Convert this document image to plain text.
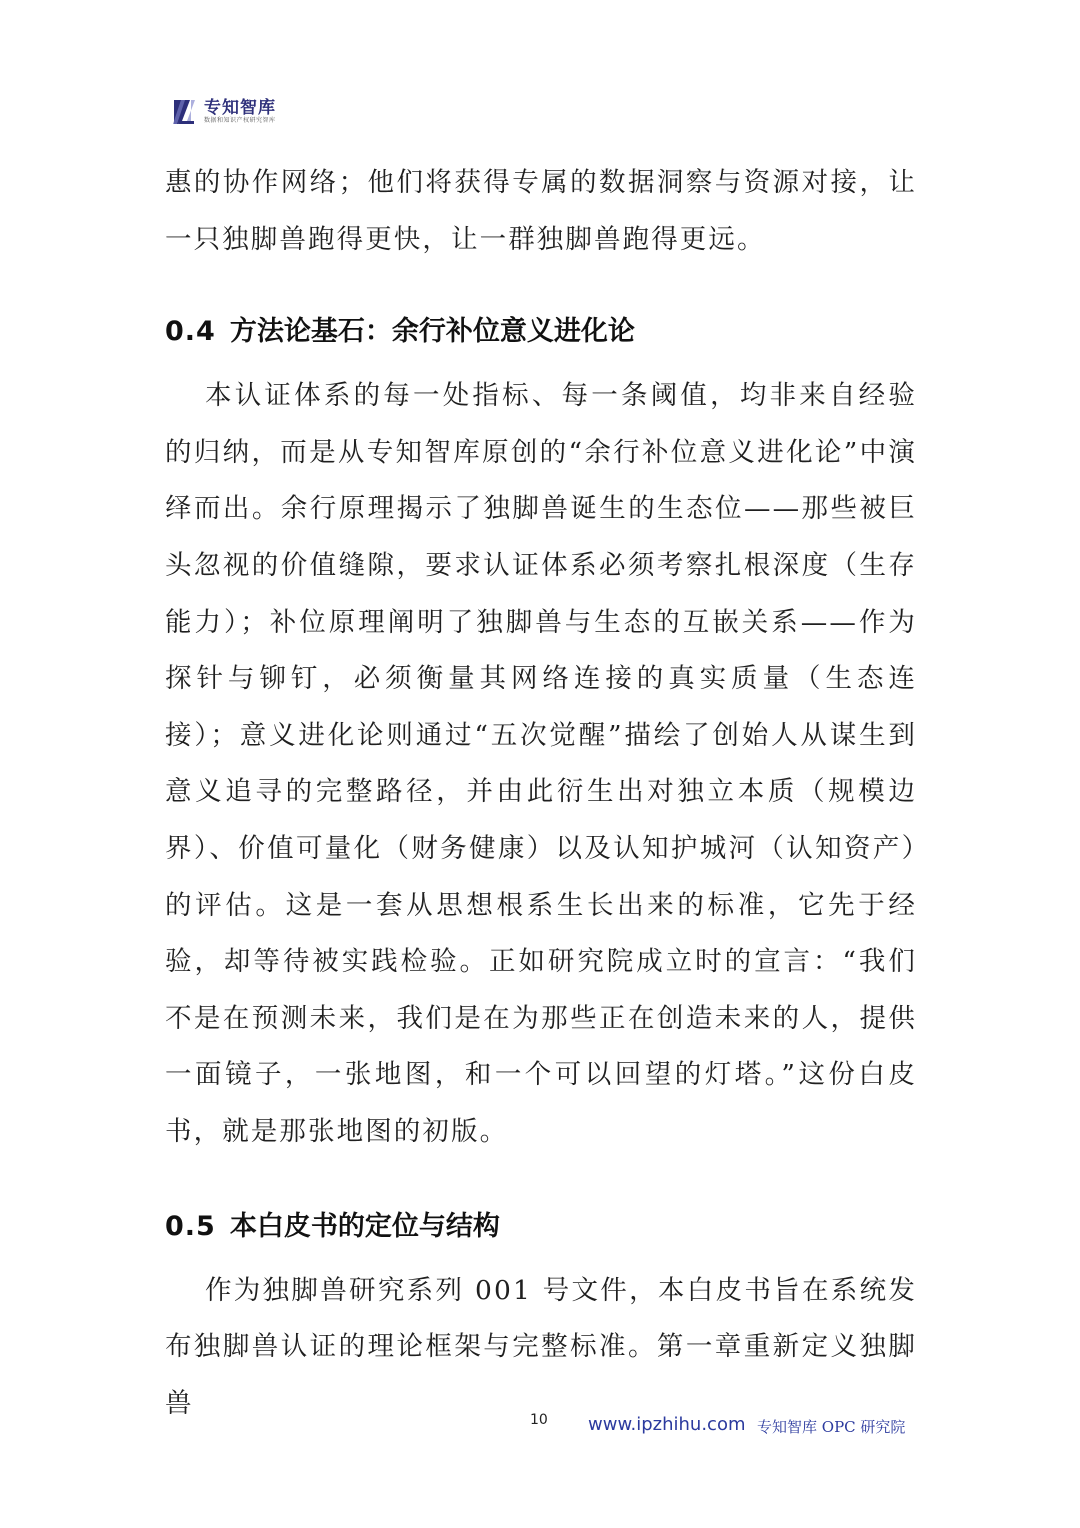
专知智库
数据和知识产权研究智库

惠的协作网络；他们将获得专属的数据洞察与资源对接，让一只独脚兽跑得更快，让一群独脚兽跑得更远。

0.4 方法论基石：余行补位意义进化论

本认证体系的每一处指标、每一条阈值，均非来自经验的归纳，而是从专知智库原创的“余行补位意义进化论”中演绎而出。余行原理揭示了独脚兽诞生的生态位——那些被巨头忽视的价值缝隙，要求认证体系必须考察扎根深度（生存能力）；补位原理阐明了独脚兽与生态的互嵌关系——作为探针与铆钉，必须衡量其网络连接的真实质量（生态连接）；意义进化论则通过“五次觉醒”描绘了创始人从谋生到意义追寻的完整路径，并由此衍生出对独立本质（规模边界）、价值可量化（财务健康）以及认知护城河（认知资产）的评估。这是一套从思想根系生长出来的标准，它先于经验，却等待被实践检验。正如研究院成立时的宣言：“我们不是在预测未来，我们是在为那些正在创造未来的人，提供一面镜子，一张地图，和一个可以回望的灯塔。”这份白皮书，就是那张地图的初版。

0.5 本白皮书的定位与结构

作为独脚兽研究系列 001 号文件，本白皮书旨在系统发布独脚兽认证的理论框架与完整标准。第一章重新定义独脚兽

10 www.ipzhihu.com 专知智库 OPC 研究院
